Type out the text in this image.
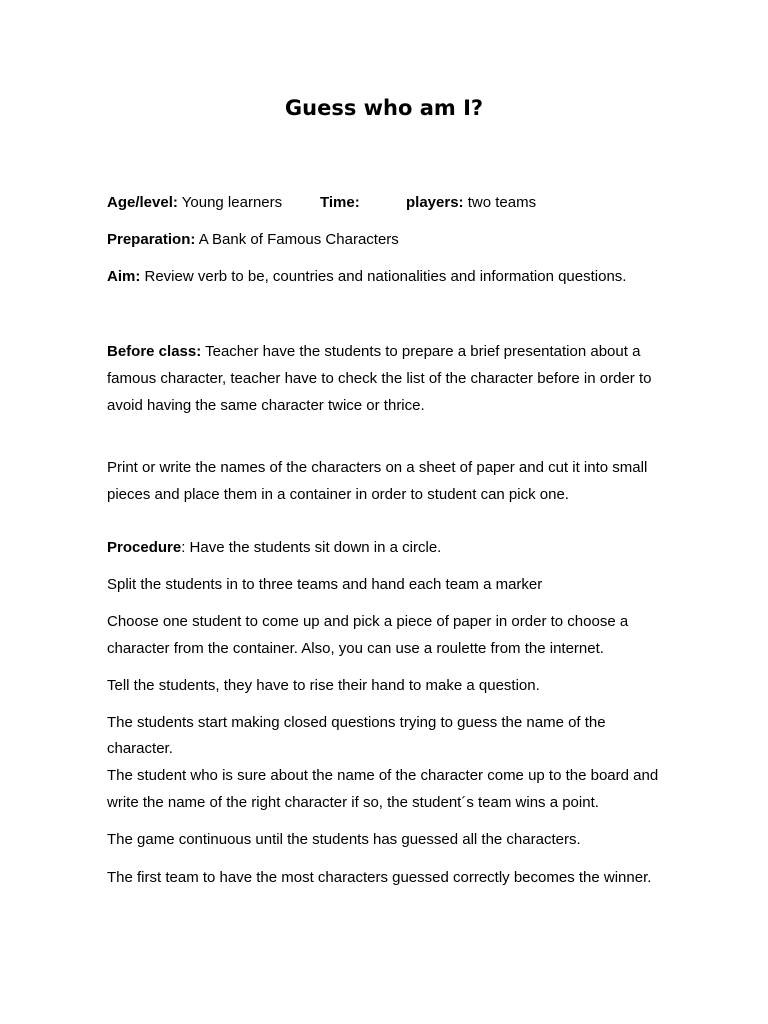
Guess who am I?
Age/level: Young learners	Time:	players: two teams
Preparation: A Bank of Famous Characters
Aim: Review verb to be, countries and nationalities and information questions.
Before class: Teacher have the students to prepare a brief presentation about a
famous character, teacher have to check the list of the character before in order to
avoid having the same character twice or thrice.
Print or write the names of the characters on a sheet of paper and cut it into small
pieces and place them in a container in order to student can pick one.
Procedure: Have the students sit down in a circle.
Split the students in to three teams and hand each team a marker
Choose one student to come up and pick a piece of paper in order to choose a
character from the container. Also, you can use a roulette from the internet.
Tell the students, they have to rise their hand to make a question.
The students start making closed questions trying to guess the name of the
character.
The student who is sure about the name of the character come up to the board and
write the name of the right character if so, the student´s team wins a point.
The game continuous until the students has guessed all the characters.
The first team to have the most characters guessed correctly becomes the winner.
